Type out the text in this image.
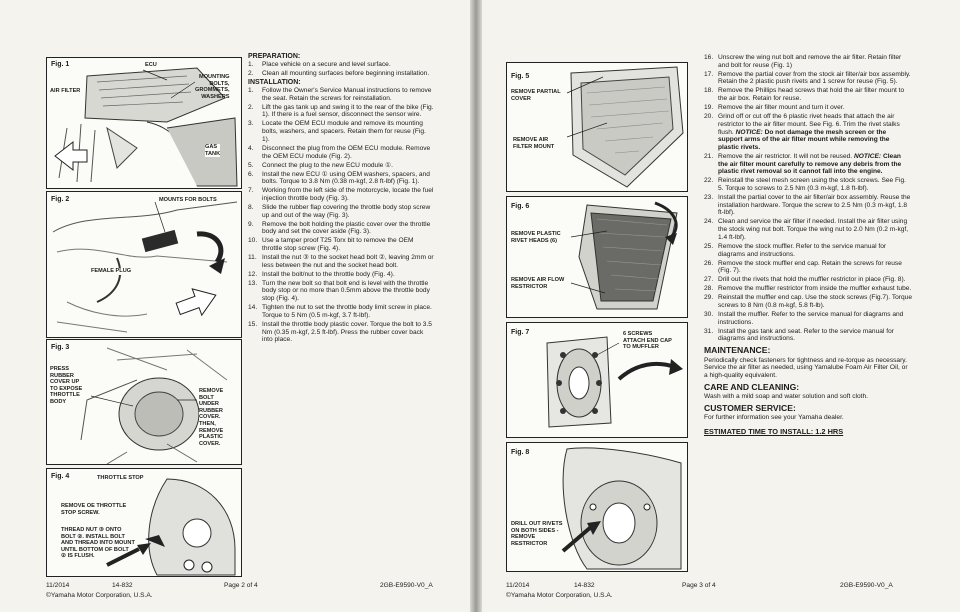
Fig. 1	ECU
AIR FILTER
MOUNTING
BOLTS,
GROMMETS,
WASHERS
GAS
TANK
Fig. 2	MOUNTS FOR BOLTS
FEMALE PLUG
Fig. 3
PRESS
RUBBER
COVER UP
TO EXPOSE
THROTTLE
BODY
REMOVE
BOLT
UNDER
RUBBER
COVER.
THEN,
REMOVE
PLASTIC
COVER.
Fig. 4	THROTTLE STOP
REMOVE OE THROTTLE
STOP SCREW.
THREAD NUT ③ ONTO
BOLT ②. INSTALL BOLT
AND THREAD INTO MOUNT
UNTIL BOTTOM OF BOLT
② IS FLUSH.
PREPARATION:
1.	Place vehicle on a secure and level surface.
2.	Clean all mounting surfaces before beginning installation.
INSTALLATION:
1.	Follow the Owner's Service Manual instructions to remove the seat. Retain the screws for reinstallation.
2.	Lift the gas tank up and swing it to the rear of the bike (Fig. 1). If there is a fuel sensor, disconnect the sensor wire.
3.	Locate the OEM ECU module and remove its mounting bolts, washers, and spacers. Retain them for reuse (Fig. 1).
4.	Disconnect the plug from the OEM ECU module. Remove the OEM ECU module (Fig. 2).
5.	Connect the plug to the new ECU module ①.
6.	Install the new ECU ① using OEM washers, spacers, and bolts. Torque to 3.8 Nm (0.38 m-kgf, 2.8 ft-lbf) (Fig. 1).
7.	Working from the left side of the motorcycle, locate the fuel injection throttle body (Fig. 3).
8.	Slide the rubber flap covering the throttle body stop screw up and out of the way (Fig. 3).
9.	Remove the bolt holding the plastic cover over the throttle body and set the cover aside (Fig. 3).
10. Use a tamper proof T25 Torx bit to remove the OEM throttle stop screw (Fig. 4).
11. Install the nut ③ to the socket head bolt ②, leaving 2mm or less between the nut and the socket head bolt.
12. Install the bolt/nut to the throttle body (Fig. 4).
13. Turn the new bolt so that bolt end is level with the throttle body stop or no more than 0.5mm above the throttle body stop (Fig. 4).
14. Tighten the nut to set the throttle body limit screw in place. Torque to 5 Nm (0.5 m-kgf, 3.7 ft-lbf).
15. Install the throttle body plastic cover. Torque the bolt to 3.5 Nm (0.35 m-kgf, 2.5 ft-lbf). Press the rubber cover back into place.
11/2014	14-832
©Yamaha Motor Corporation, U.S.A.
Page 2 of 4	2GB-E9590-V0_A
Fig. 5
REMOVE PARTIAL
COVER
REMOVE AIR
FILTER MOUNT
Fig. 6
REMOVE PLASTIC
RIVET HEADS (6)
REMOVE AIR FLOW
RESTRICTOR
Fig. 7	6 SCREWS
ATTACH END CAP
TO MUFFLER
Fig. 8
DRILL OUT RIVETS
ON BOTH SIDES -
REMOVE
RESTRICTOR
16. Unscrew the wing nut bolt and remove the air filter. Retain filter and bolt for reuse (Fig. 1)
17. Remove the partial cover from the stock air filter/air box assembly. Retain the 2 plastic push rivets and 1 screw for reuse (Fig. 5).
18. Remove the Phillips head screws that hold the air filter mount to the air box. Retain for reuse.
19. Remove the air filter mount and turn it over.
20. Grind off or cut off the 6 plastic rivet heads that attach the air restrictor to the air filter mount. See Fig. 6. Trim the rivet stalks flush. NOTICE: Do not damage the mesh screen or the support arms of the air filter mount while removing the plastic rivets.
21. Remove the air restrictor. It will not be reused. NOTICE: Clean the air filter mount carefully to remove any debris from the plastic rivet removal so it cannot fall into the engine.
22. Reinstall the steel mesh screen using the stock screws. See Fig. 5. Torque to screws to 2.5 Nm (0.3 m-kgf, 1.8 ft-lbf).
23. Install the partial cover to the air filter/air box assembly. Reuse the installation hardware. Torque the screw to 2.5 Nm (0.3 m-kgf, 1.8 ft-lbf).
24. Clean and service the air filter if needed. Install the air filter using the stock wing nut bolt. Torque the wing nut to 2.0 Nm (0.2 m-kgf, 1.4 ft-lbf).
25. Remove the stock muffler. Refer to the service manual for diagrams and instructions.
26. Remove the stock muffler end cap. Retain the screws for reuse (Fig. 7).
27. Drill out the rivets that hold the muffler restrictor in place (Fig. 8).
28. Remove the muffler restrictor from inside the muffler exhaust tube.
29. Reinstall the muffler end cap. Use the stock screws (Fig.7). Torque screws to 8 Nm (0.8 m-kgf, 5.8 ft-lb).
30. Install the muffler. Refer to the service manual for diagrams and instructions.
31. Install the gas tank and seat. Refer to the service manual for diagrams and instructions.
MAINTENANCE:
Periodically check fasteners for tightness and re-torque as necessary. Service the air filter as needed, using Yamalube Foam Air Filter Oil, or a high-quality equivalent.
CARE AND CLEANING:
Wash with a mild soap and water solution and soft cloth.
CUSTOMER SERVICE:
For further information see your Yamaha dealer.
ESTIMATED TIME TO INSTALL: 1.2 HRS
11/2014	14-832
©Yamaha Motor Corporation, U.S.A.
Page 3 of 4	2GB-E9590-V0_A
